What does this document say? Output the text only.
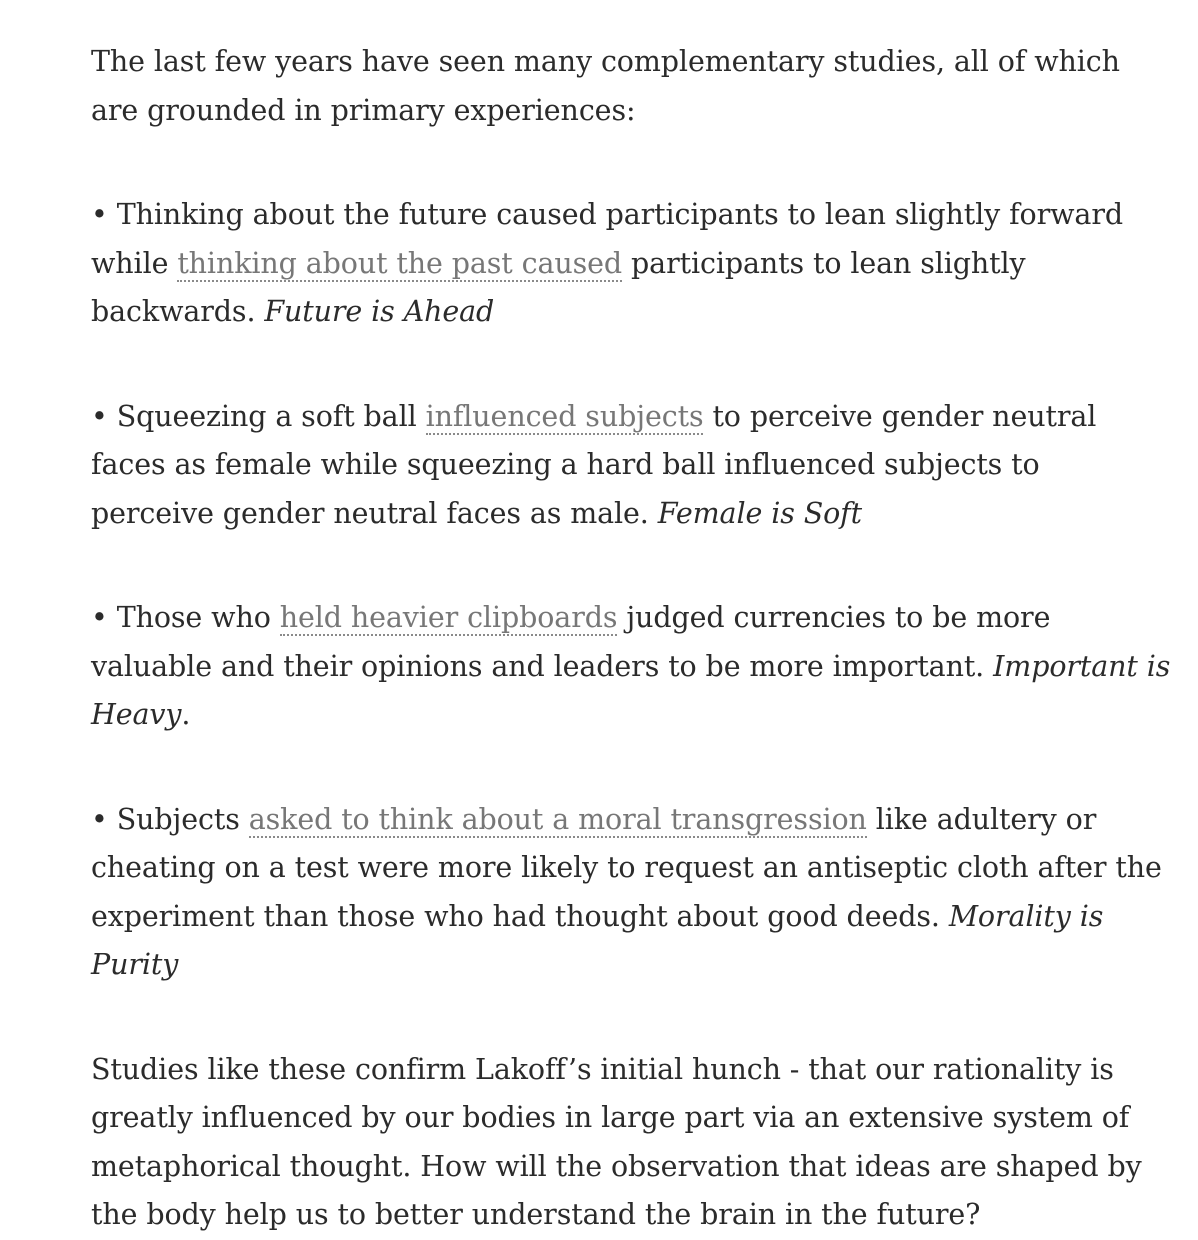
The last few years have seen many complementary studies, all of which are grounded in primary experiences:

• Thinking about the future caused participants to lean slightly forward while thinking about the past caused participants to lean slightly backwards. Future is Ahead

• Squeezing a soft ball influenced subjects to perceive gender neutral faces as female while squeezing a hard ball influenced subjects to perceive gender neutral faces as male. Female is Soft

• Those who held heavier clipboards judged currencies to be more valuable and their opinions and leaders to be more important. Important is Heavy.

• Subjects asked to think about a moral transgression like adultery or cheating on a test were more likely to request an antiseptic cloth after the experiment than those who had thought about good deeds. Morality is Purity

Studies like these confirm Lakoff’s initial hunch - that our rationality is greatly influenced by our bodies in large part via an extensive system of metaphorical thought. How will the observation that ideas are shaped by the body help us to better understand the brain in the future?
